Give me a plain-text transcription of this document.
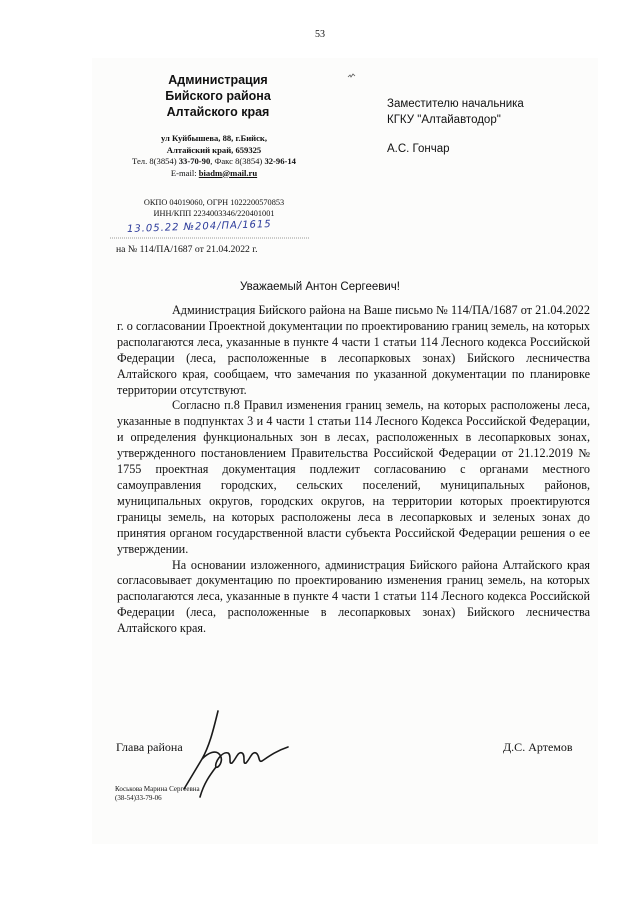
53
Администрация
Бийского района
Алтайского края
ул Куйбышева, 88, г.Бийск,
Алтайский край, 659325
Тел. 8(3854) 33-70-90, Факс 8(3854) 32-96-14
E-mail: biadm@mail.ru
ОКПО 04019060, ОГРН 1022200570853
ИНН/КПП 2234003346/220401001
13.05.22 №204/ПА/1615
на № 114/ПА/1687 от 21.04.2022 г.
Заместителю начальника
КГКУ "Алтайавтодор"
А.С. Гончар
Уважаемый Антон Сергеевич!

Администрация Бийского района на Ваше письмо № 114/ПА/1687 от 21.04.2022 г. о согласовании Проектной документации по проектированию границ земель, на которых располагаются леса, указанные в пункте 4 части 1 статьи 114 Лесного кодекса Российской Федерации (леса, расположенные в лесопарковых зонах) Бийского лесничества Алтайского края, сообщаем, что замечания по указанной документации по планировке территории отсутствуют.

Согласно п.8 Правил изменения границ земель, на которых расположены леса, указанные в подпунктах 3 и 4 части 1 статьи 114 Лесного Кодекса Российской Федерации, и определения функциональных зон в лесах, расположенных в лесопарковых зонах, утвержденного постановлением Правительства Российской Федерации от 21.12.2019 № 1755 проектная документация подлежит согласованию с органами местного самоуправления городских, сельских поселений, муниципальных районов, муниципальных округов, городских округов, на территории которых проектируются границы земель, на которых расположены леса в лесопарковых и зеленых зонах до принятия органом государственной власти субъекта Российской Федерации решения о ее утверждении.

На основании изложенного, администрация Бийского района Алтайского края согласовывает документацию по проектированию изменения границ земель, на которых располагаются леса, указанные в пункте 4 части 1 статьи 114 Лесного кодекса Российской Федерации (леса, расположенные в лесопарковых зонах) Бийского лесничества Алтайского края.

Глава района	Д.С. Артемов
Коськова Марина Сергеевна
(38-54)33-79-06
